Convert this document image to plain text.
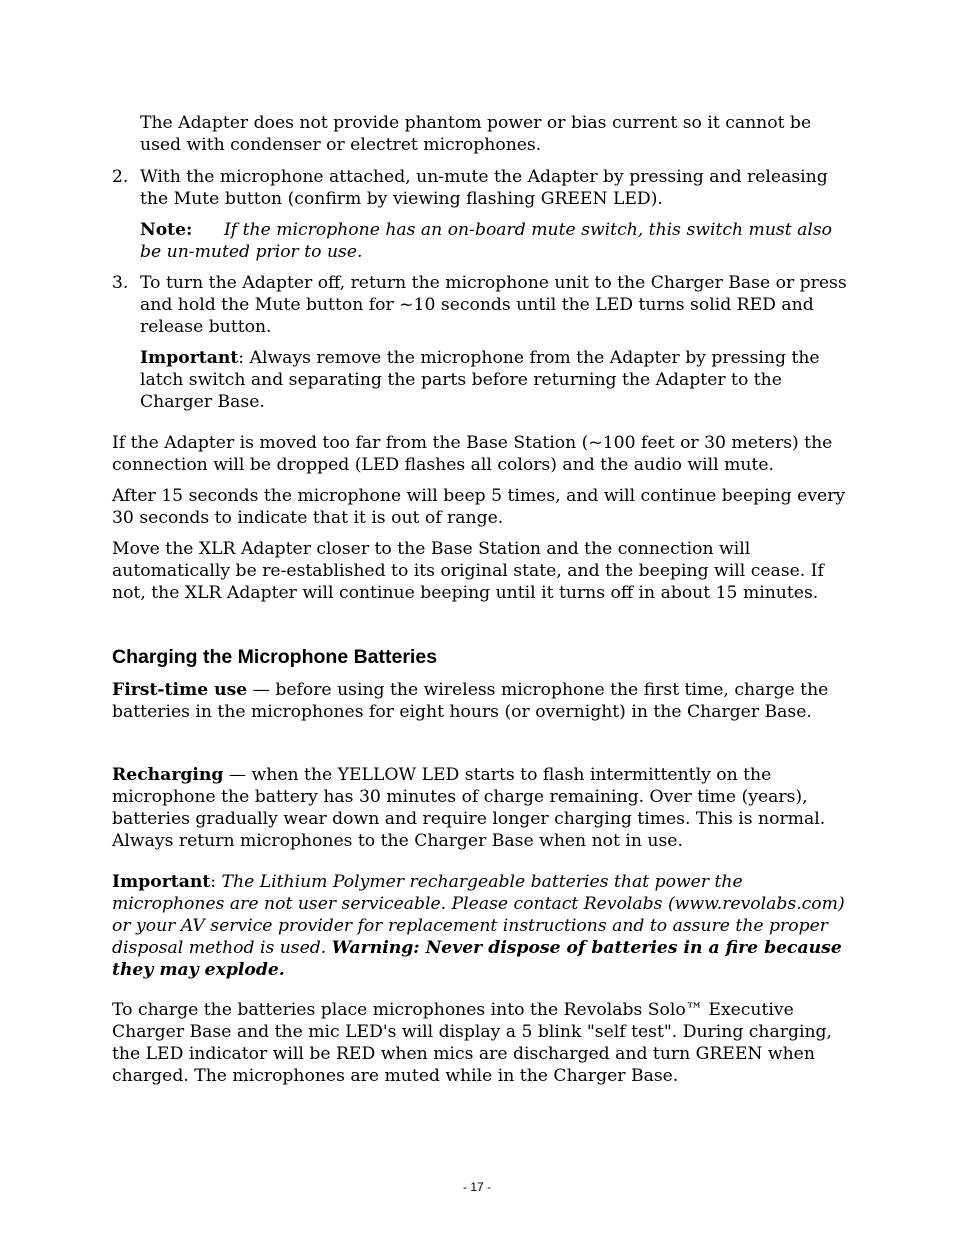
The Adapter does not provide phantom power or bias current so it cannot be used with condenser or electret microphones.
2. With the microphone attached, un-mute the Adapter by pressing and releasing the Mute button (confirm by viewing flashing GREEN LED).
Note: If the microphone has an on-board mute switch, this switch must also be un-muted prior to use.
3. To turn the Adapter off, return the microphone unit to the Charger Base or press and hold the Mute button for ~10 seconds until the LED turns solid RED and release button.
Important: Always remove the microphone from the Adapter by pressing the latch switch and separating the parts before returning the Adapter to the Charger Base.
If the Adapter is moved too far from the Base Station (~100 feet or 30 meters) the connection will be dropped (LED flashes all colors) and the audio will mute.
After 15 seconds the microphone will beep 5 times, and will continue beeping every 30 seconds to indicate that it is out of range.
Move the XLR Adapter closer to the Base Station and the connection will automatically be re-established to its original state, and the beeping will cease. If not, the XLR Adapter will continue beeping until it turns off in about 15 minutes.
Charging the Microphone Batteries
First-time use — before using the wireless microphone the first time, charge the batteries in the microphones for eight hours (or overnight) in the Charger Base.
Recharging — when the YELLOW LED starts to flash intermittently on the microphone the battery has 30 minutes of charge remaining. Over time (years), batteries gradually wear down and require longer charging times. This is normal. Always return microphones to the Charger Base when not in use.
Important: The Lithium Polymer rechargeable batteries that power the microphones are not user serviceable. Please contact Revolabs (www.revolabs.com) or your AV service provider for replacement instructions and to assure the proper disposal method is used. Warning: Never dispose of batteries in a fire because they may explode.
To charge the batteries place microphones into the Revolabs Solo™ Executive Charger Base and the mic LED's will display a 5 blink "self test". During charging, the LED indicator will be RED when mics are discharged and turn GREEN when charged. The microphones are muted while in the Charger Base.
- 17 -
